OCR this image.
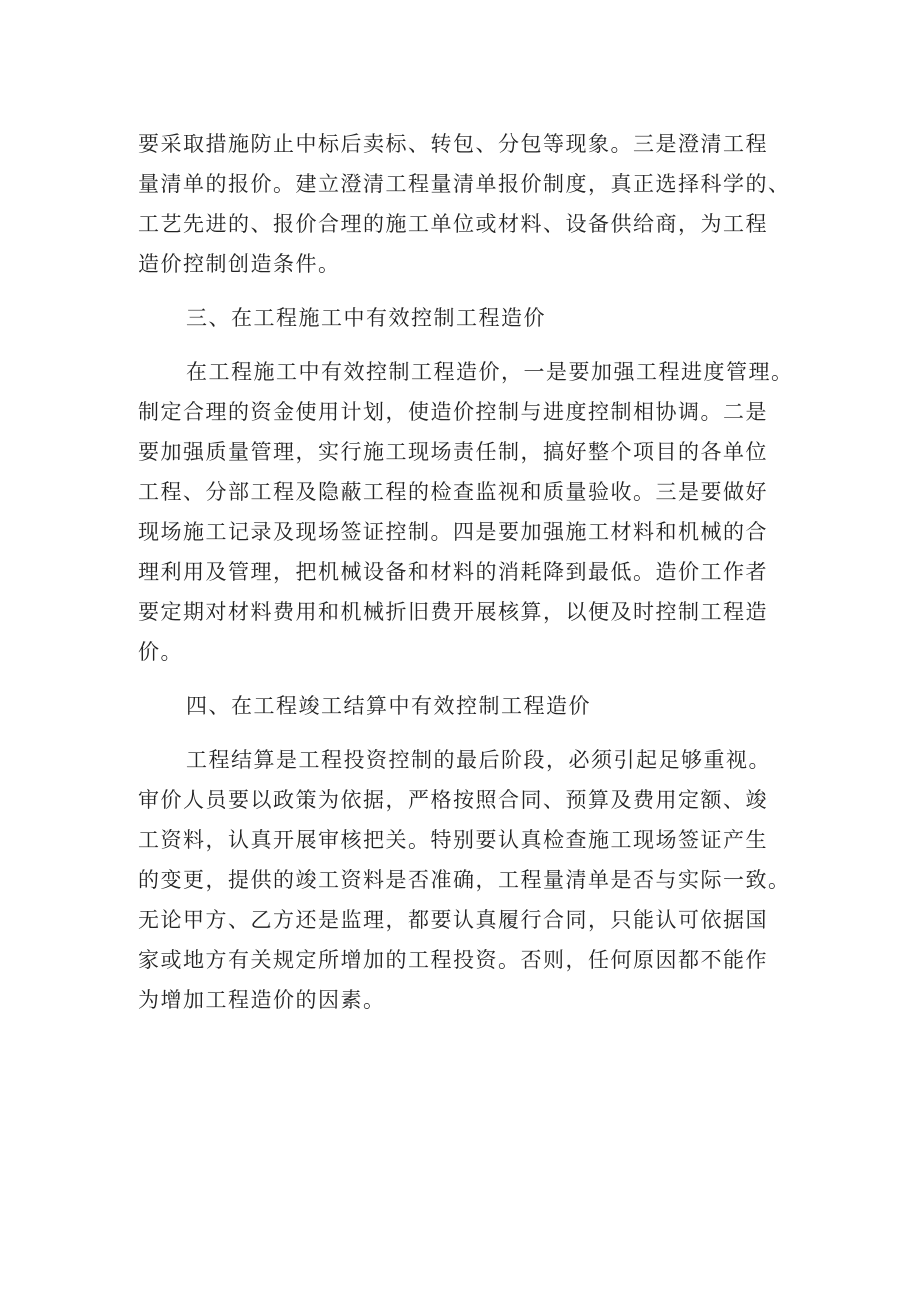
要采取措施防止中标后卖标、转包、分包等现象。三是澄清工程
量清单的报价。建立澄清工程量清单报价制度，真正选择科学的、
工艺先进的、报价合理的施工单位或材料、设备供给商，为工程
造价控制创造条件。
三、在工程施工中有效控制工程造价
在工程施工中有效控制工程造价，一是要加强工程进度管理。
制定合理的资金使用计划，使造价控制与进度控制相协调。二是
要加强质量管理，实行施工现场责任制，搞好整个项目的各单位
工程、分部工程及隐蔽工程的检查监视和质量验收。三是要做好
现场施工记录及现场签证控制。四是要加强施工材料和机械的合
理利用及管理，把机械设备和材料的消耗降到最低。造价工作者
要定期对材料费用和机械折旧费开展核算，以便及时控制工程造
价。
四、在工程竣工结算中有效控制工程造价
工程结算是工程投资控制的最后阶段，必须引起足够重视。
审价人员要以政策为依据，严格按照合同、预算及费用定额、竣
工资料，认真开展审核把关。特别要认真检查施工现场签证产生
的变更，提供的竣工资料是否准确，工程量清单是否与实际一致。
无论甲方、乙方还是监理，都要认真履行合同，只能认可依据国
家或地方有关规定所增加的工程投资。否则，任何原因都不能作
为增加工程造价的因素。
